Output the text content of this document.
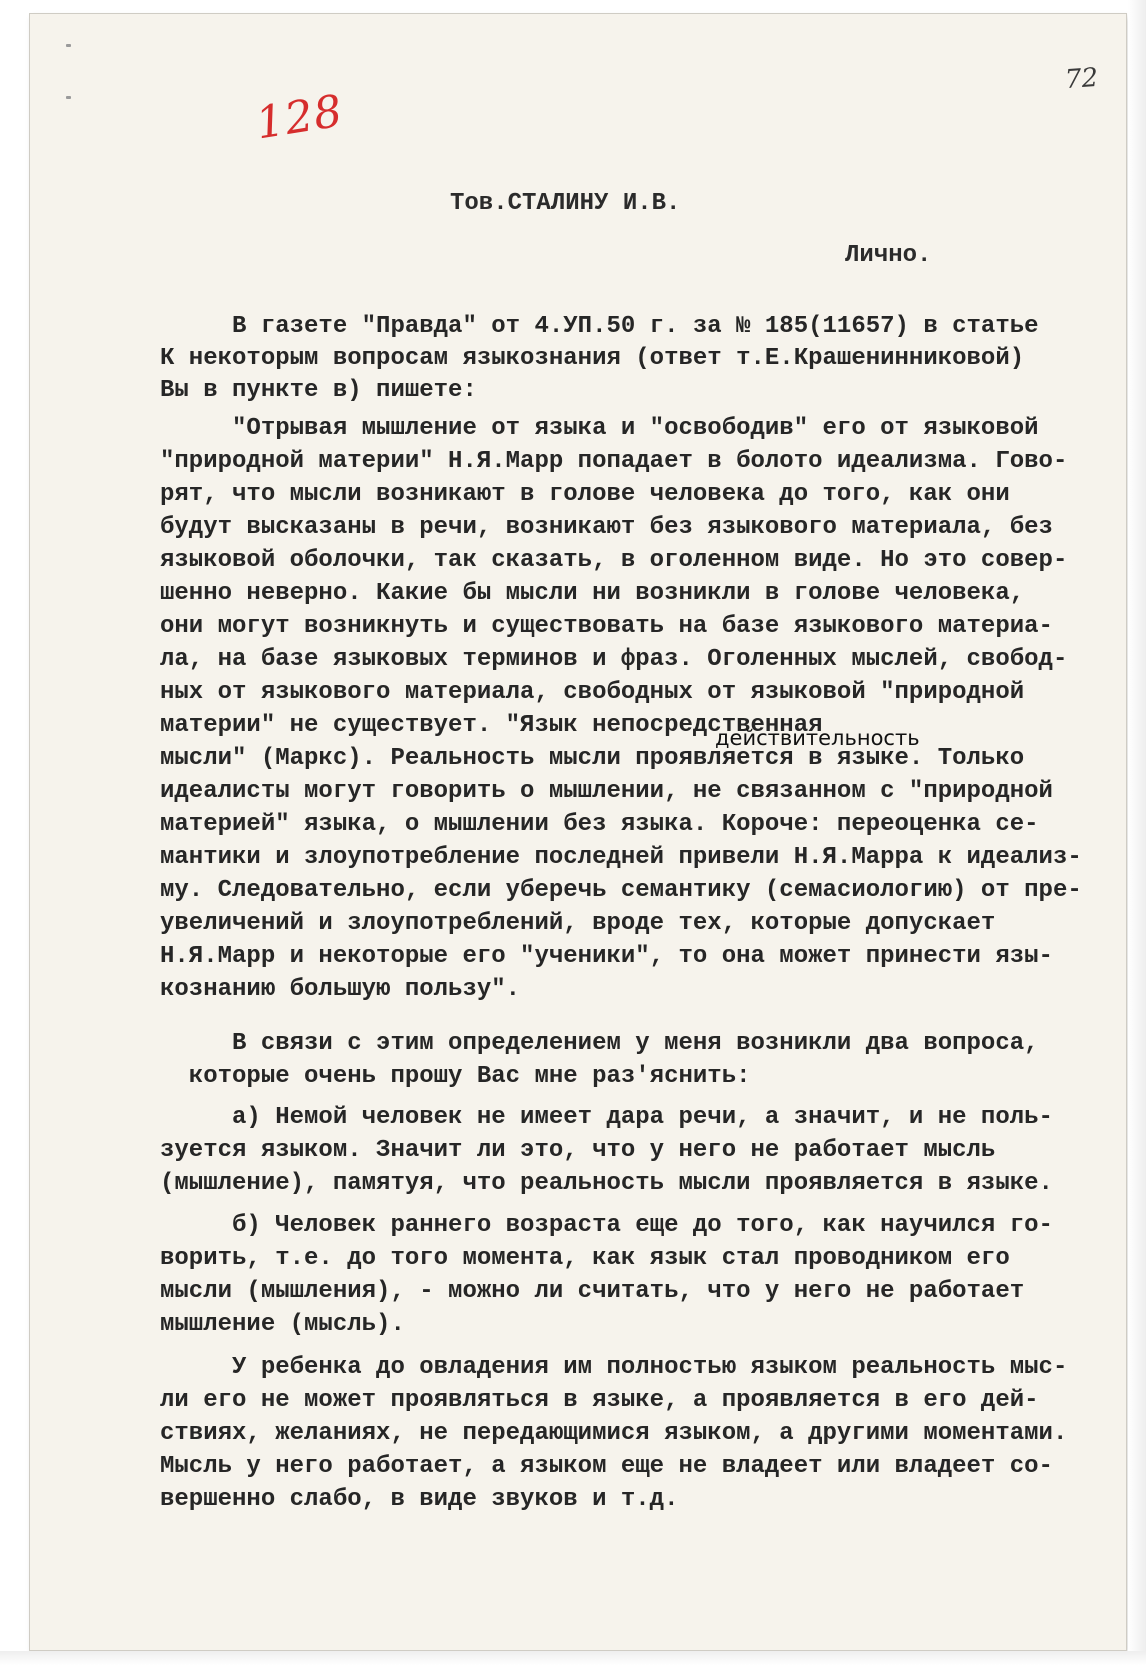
72
128
Тов.СТАЛИНУ И.В.
Лично.
В газете "Правда" от 4.УП.50 г. за № 185(11657) в статье
К некоторым вопросам языкознания (ответ т.Е.Крашенинниковой)
Вы в пункте в) пишете:
"Отрывая мышление от языка и "освободив" его от языковой
"природной материи" Н.Я.Марр попадает в болото идеализма. Гово-
рят, что мысли возникают в голове человека до того, как они
будут высказаны в речи, возникают без языкового материала, без
языковой оболочки, так сказать, в оголенном виде. Но это совер-
шенно неверно. Какие бы мысли ни возникли в голове человека,
они могут возникнуть и существовать на базе языкового материа-
ла, на базе языковых терминов и фраз. Оголенных мыслей, свобод-
ных от языкового материала, свободных от языковой "природной
материи" не существует. "Язык непосредственная
действительность
мысли" (Маркс). Реальность мысли проявляется в языке. Только
идеалисты могут говорить о мышлении, не связанном с "природной
материей" языка, о мышлении без языка. Короче: переоценка се-
мантики и злоупотребление последней привели Н.Я.Марра к идеализ-
му. Следовательно, если уберечь семантику (семасиологию) от пре-
увеличений и злоупотреблений, вроде тех, которые допускает
Н.Я.Марр и некоторые его "ученики", то она может принести язы-
кознанию большую пользу".
В связи с этим определением у меня возникли два вопроса,
которые очень прошу Вас мне раз'яснить:
а) Немой человек не имеет дара речи, а значит, и не поль-
зуется языком. Значит ли это, что у него не работает мысль
(мышление), памятуя, что реальность мысли проявляется в языке.
б) Человек раннего возраста еще до того, как научился го-
ворить, т.е. до того момента, как язык стал проводником его
мысли (мышления), - можно ли считать, что у него не работает
мышление (мысль).
У ребенка до овладения им полностью языком реальность мыс-
ли его не может проявляться в языке, а проявляется в его дей-
ствиях, желаниях, не передающимися языком, а другими моментами.
Мысль у него работает, а языком еще не владеет или владеет со-
вершенно слабо, в виде звуков и т.д.
